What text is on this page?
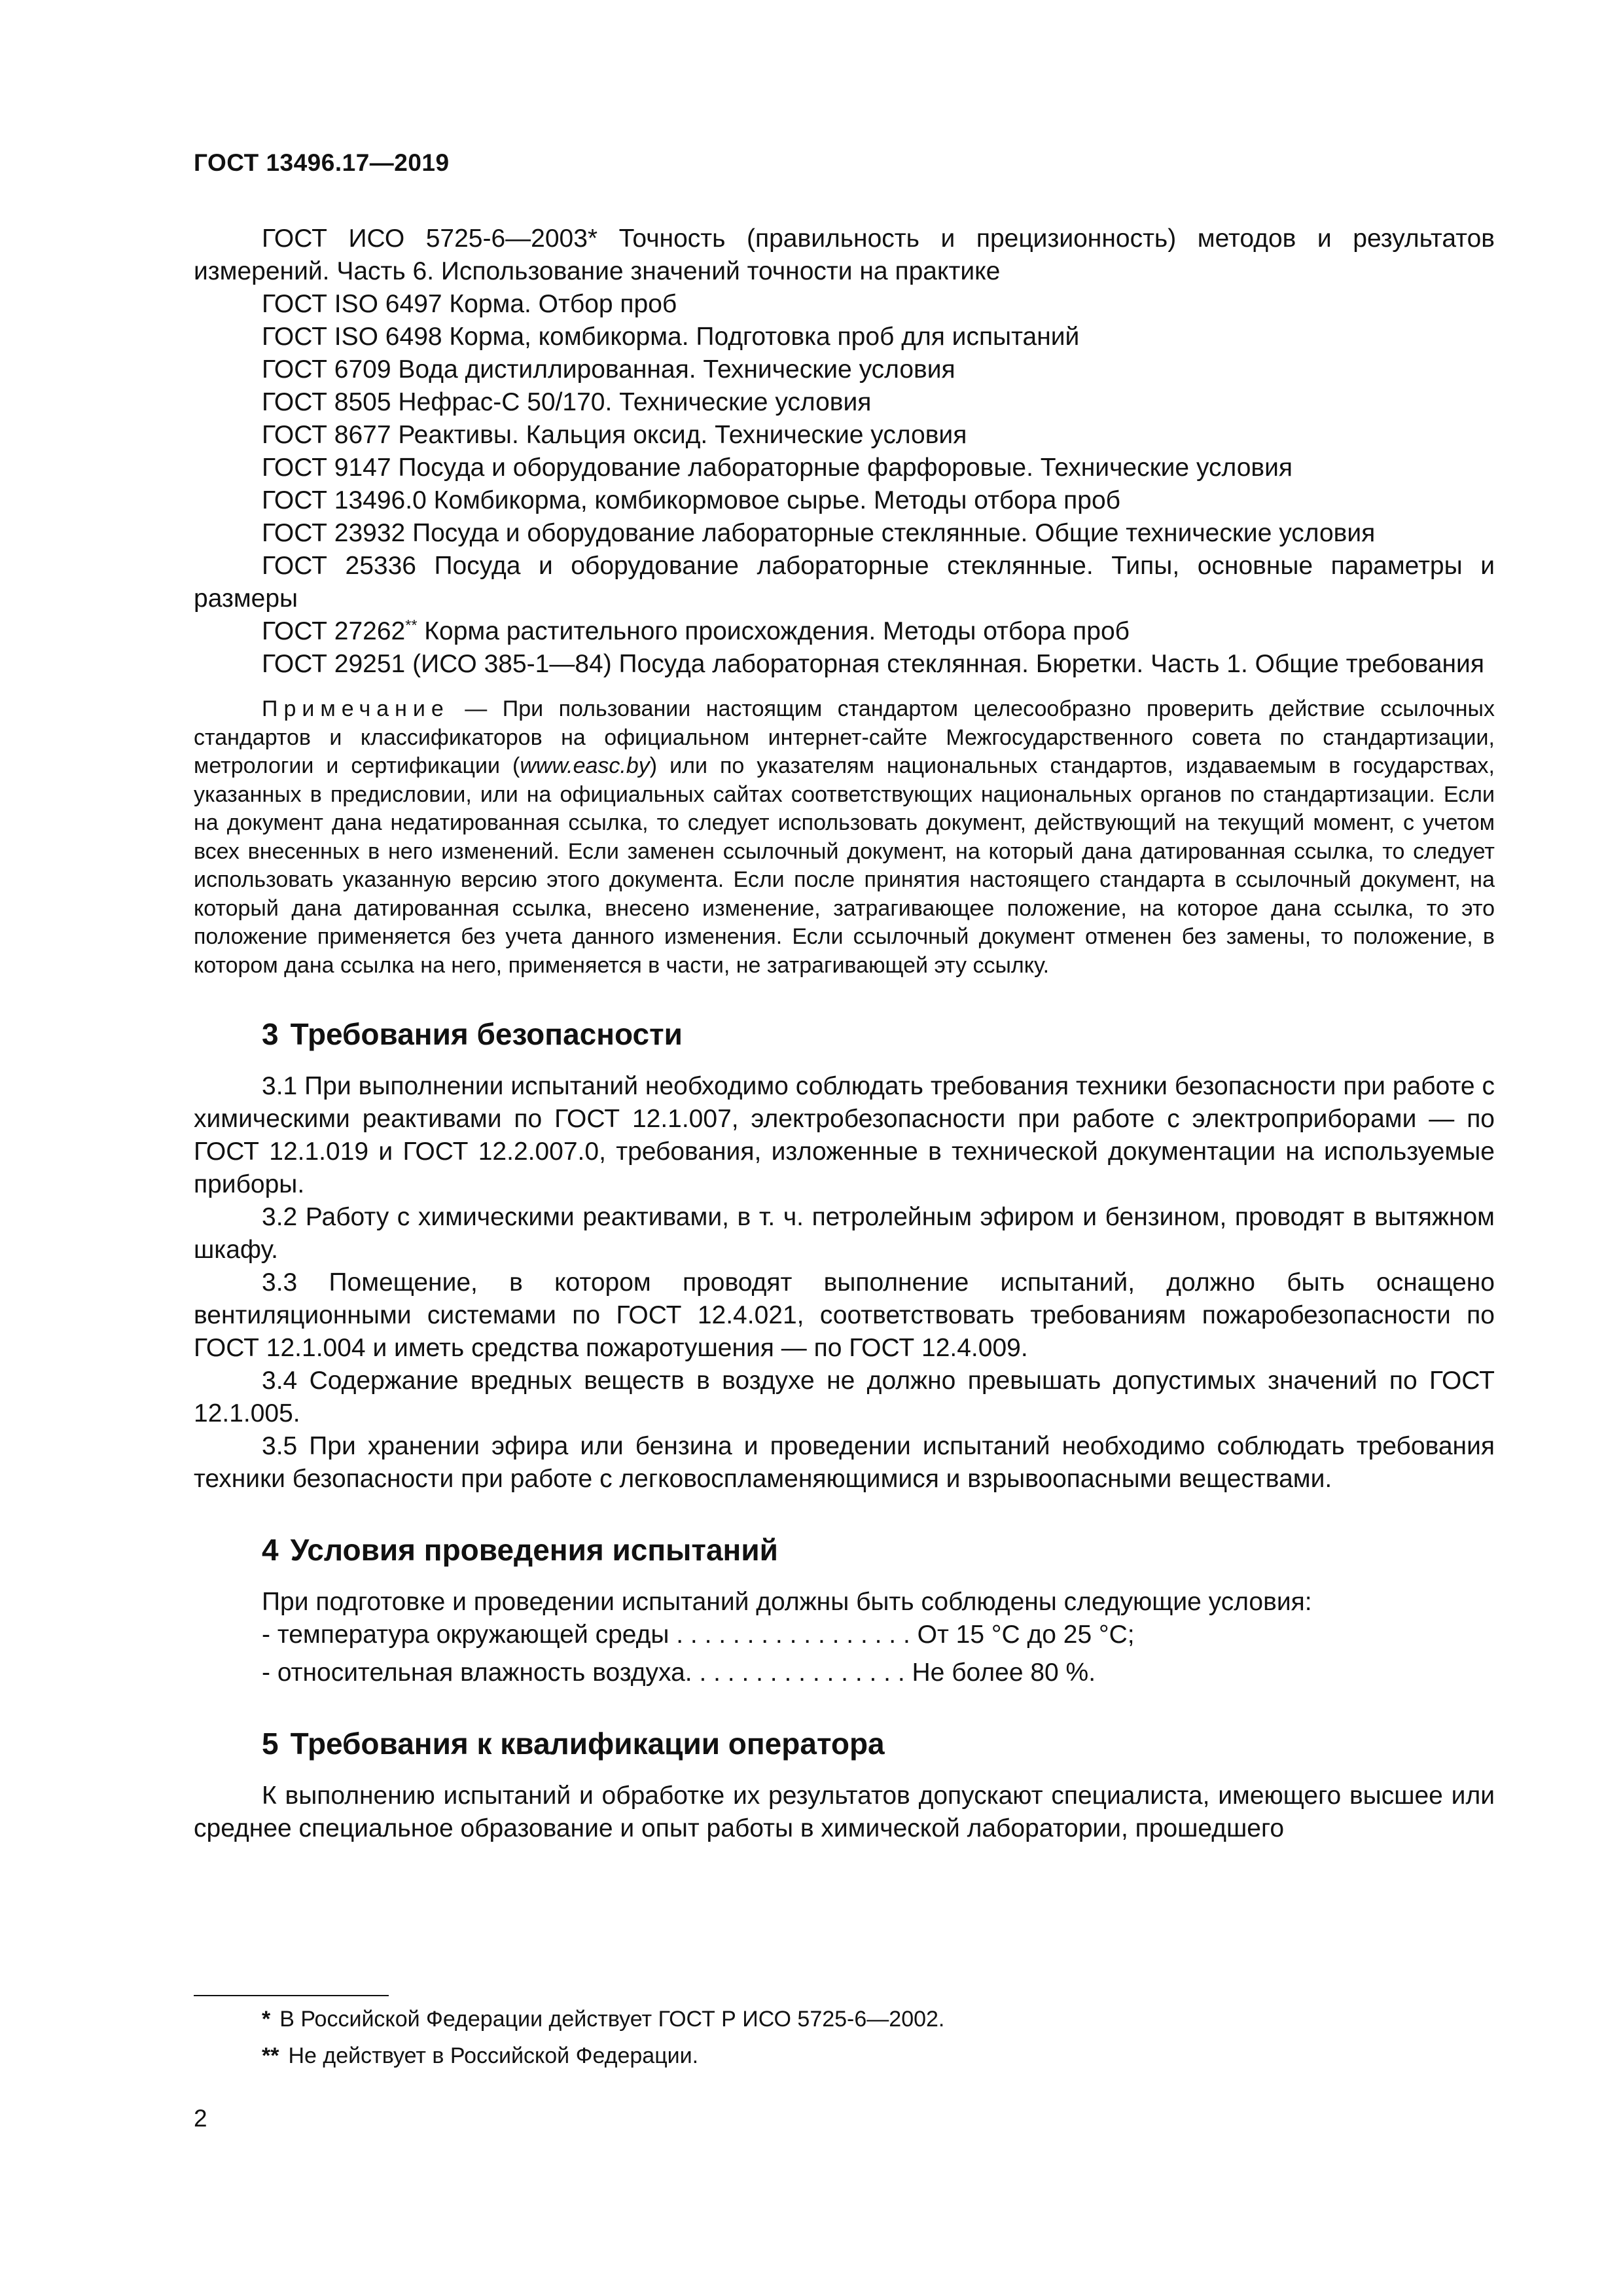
ГОСТ 13496.17—2019

ГОСТ ИСО 5725-6—2003* Точность (правильность и прецизионность) методов и результатов измерений. Часть 6. Использование значений точности на практике

ГОСТ ISO 6497 Корма. Отбор проб

ГОСТ ISO 6498 Корма, комбикорма. Подготовка проб для испытаний

ГОСТ 6709 Вода дистиллированная. Технические условия

ГОСТ 8505 Нефрас-С 50/170. Технические условия

ГОСТ 8677 Реактивы. Кальция оксид. Технические условия

ГОСТ 9147 Посуда и оборудование лабораторные фарфоровые. Технические условия

ГОСТ 13496.0 Комбикорма, комбикормовое сырье. Методы отбора проб

ГОСТ 23932 Посуда и оборудование лабораторные стеклянные. Общие технические условия

ГОСТ 25336 Посуда и оборудование лабораторные стеклянные. Типы, основные параметры и размеры

ГОСТ 27262** Корма растительного происхождения. Методы отбора проб

ГОСТ 29251 (ИСО 385-1—84) Посуда лабораторная стеклянная. Бюретки. Часть 1. Общие требования

Примечание — При пользовании настоящим стандартом целесообразно проверить действие ссылочных стандартов и классификаторов на официальном интернет-сайте Межгосударственного совета по стандартизации, метрологии и сертификации (www.easc.by) или по указателям национальных стандартов, издаваемым в государствах, указанных в предисловии, или на официальных сайтах соответствующих национальных органов по стандартизации. Если на документ дана недатированная ссылка, то следует использовать документ, действующий на текущий момент, с учетом всех внесенных в него изменений. Если заменен ссылочный документ, на который дана датированная ссылка, то следует использовать указанную версию этого документа. Если после принятия настоящего стандарта в ссылочный документ, на который дана датированная ссылка, внесено изменение, затрагивающее положение, на которое дана ссылка, то это положение применяется без учета данного изменения. Если ссылочный документ отменен без замены, то положение, в котором дана ссылка на него, применяется в части, не затрагивающей эту ссылку.

3 Требования безопасности

3.1 При выполнении испытаний необходимо соблюдать требования техники безопасности при работе с химическими реактивами по ГОСТ 12.1.007, электробезопасности при работе с электроприборами — по ГОСТ 12.1.019 и ГОСТ 12.2.007.0, требования, изложенные в технической документации на используемые приборы.

3.2 Работу с химическими реактивами, в т. ч. петролейным эфиром и бензином, проводят в вытяжном шкафу.

3.3 Помещение, в котором проводят выполнение испытаний, должно быть оснащено вентиляционными системами по ГОСТ 12.4.021, соответствовать требованиям пожаробезопасности по ГОСТ 12.1.004 и иметь средства пожаротушения — по ГОСТ 12.4.009.

3.4 Содержание вредных веществ в воздухе не должно превышать допустимых значений по ГОСТ 12.1.005.

3.5 При хранении эфира или бензина и проведении испытаний необходимо соблюдать требования техники безопасности при работе с легковоспламеняющимися и взрывоопасными веществами.

4 Условия проведения испытаний

При подготовке и проведении испытаний должны быть соблюдены следующие условия:

- температура окружающей среды . . . . . . . . . . . . . . . . . От 15 °С до 25 °С;

- относительная влажность воздуха. . . . . . . . . . . . . . . . Не более 80 %.

5 Требования к квалификации оператора

К выполнению испытаний и обработке их результатов допускают специалиста, имеющего высшее или среднее специальное образование и опыт работы в химической лаборатории, прошедшего

* В Российской Федерации действует ГОСТ Р ИСО 5725-6—2002.
** Не действует в Российской Федерации.
2
